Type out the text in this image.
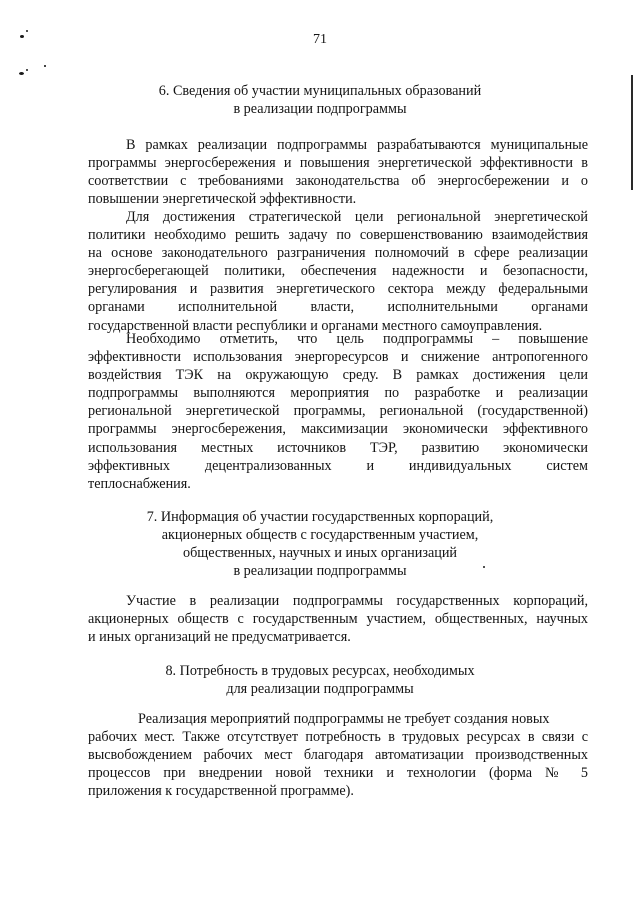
71
6. Сведения об участии муниципальных образований
в реализации подпрограммы
В рамках реализации подпрограммы разрабатываются муниципальные
программы энергосбережения и повышения энергетической эффективности в
соответствии с требованиями законодательства об энергосбережении и о
повышении энергетической эффективности.
Для достижения стратегической цели региональной энергетической
политики необходимо решить задачу по совершенствованию взаимодействия
на основе законодательного разграничения полномочий в сфере реализации
энергосберегающей политики, обеспечения надежности и безопасности,
регулирования и развития энергетического сектора между федеральными
органами исполнительной власти, исполнительными органами
государственной власти республики и органами местного самоуправления.
Необходимо отметить, что цель подпрограммы – повышение
эффективности использования энергоресурсов и снижение антропогенного
воздействия ТЭК на окружающую среду. В рамках достижения цели
подпрограммы выполняются мероприятия по разработке и реализации
региональной энергетической программы, региональной (государственной)
программы энергосбережения, максимизации экономически эффективного
использования местных источников ТЭР, развитию экономически
эффективных децентрализованных и индивидуальных систем
теплоснабжения.
7. Информация об участии государственных корпораций,
акционерных обществ с государственным участием,
общественных, научных и иных организаций
в реализации подпрограммы
Участие в реализации подпрограммы государственных корпораций,
акционерных обществ с государственным участием, общественных, научных
и иных организаций не предусматривается.
8. Потребность в трудовых ресурсах, необходимых
для реализации подпрограммы
Реализация мероприятий подпрограммы не требует создания новых
рабочих мест. Также отсутствует потребность в трудовых ресурсах в связи с
высвобождением рабочих мест благодаря автоматизации производственных
процессов при внедрении новой техники и технологии (форма № 5
приложения к государственной программе).
